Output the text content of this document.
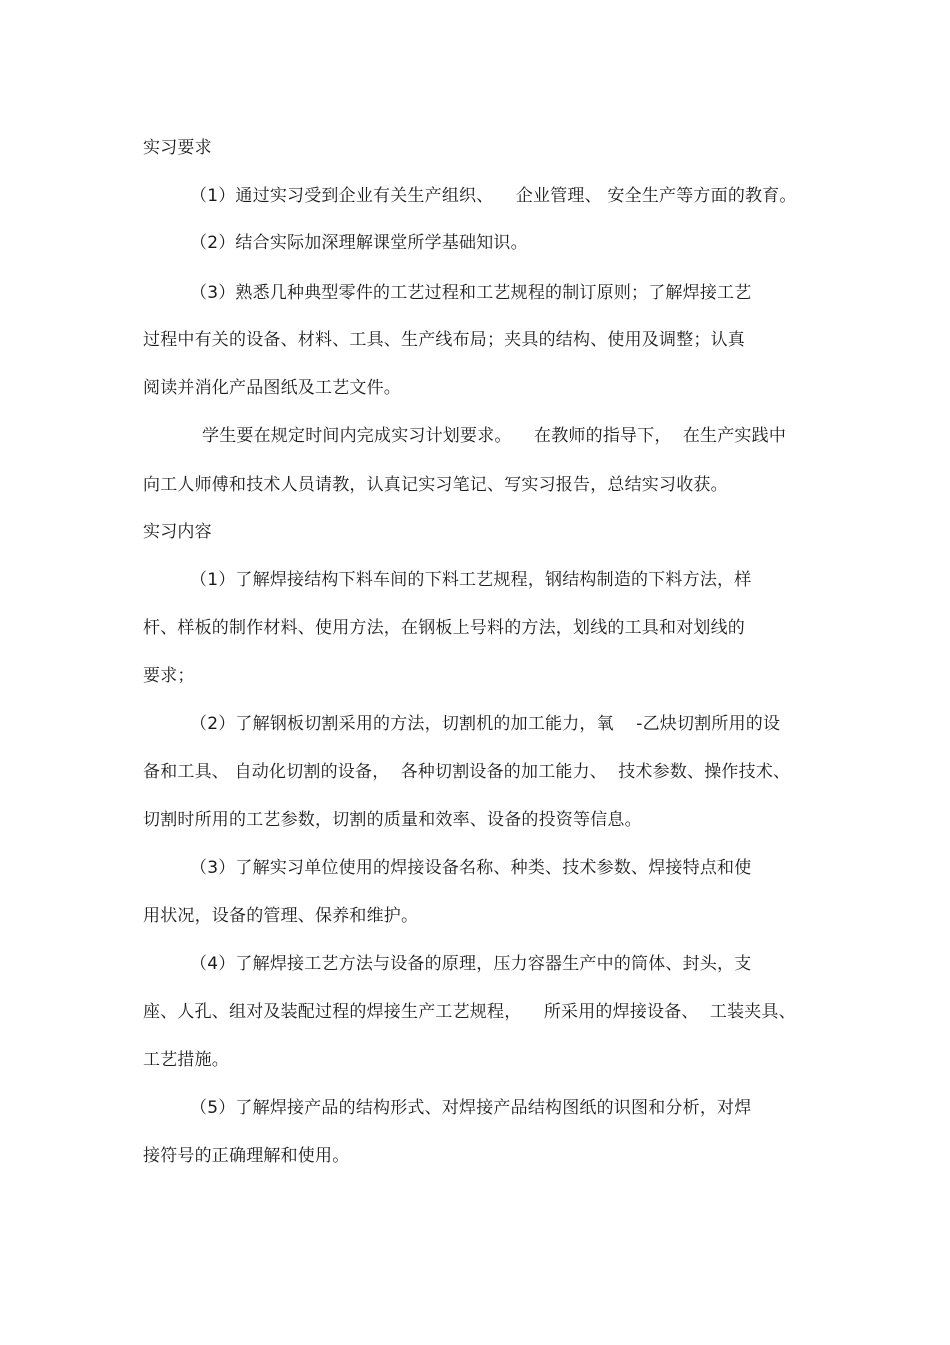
实习要求
（1）通过实习受到企业有关生产组织、    企业管理、 安全生产等方面的教育。
（2）结合实际加深理解课堂所学基础知识。
（3）熟悉几种典型零件的工艺过程和工艺规程的制订原则；了解焊接工艺
过程中有关的设备、材料、工具、生产线布局；夹具的结构、使用及调整；认真
阅读并消化产品图纸及工艺文件。
学生要在规定时间内完成实习计划要求。    在教师的指导下，  在生产实践中
向工人师傅和技术人员请教，认真记实习笔记、写实习报告，总结实习收获。
实习内容
（1）了解焊接结构下料车间的下料工艺规程，钢结构制造的下料方法，样
杆、样板的制作材料、使用方法，在钢板上号料的方法，划线的工具和对划线的
要求；
（2）了解钢板切割采用的方法，切割机的加工能力，氧    -乙炔切割所用的设
备和工具、 自动化切割的设备，  各种切割设备的加工能力、  技术参数、操作技术、
切割时所用的工艺参数，切割的质量和效率、设备的投资等信息。
（3）了解实习单位使用的焊接设备名称、种类、技术参数、焊接特点和使
用状况，设备的管理、保养和维护。
（4）了解焊接工艺方法与设备的原理，压力容器生产中的筒体、封头，支
座、人孔、组对及装配过程的焊接生产工艺规程，    所采用的焊接设备、  工装夹具、
工艺措施。
（5）了解焊接产品的结构形式、对焊接产品结构图纸的识图和分析，对焊
接符号的正确理解和使用。
